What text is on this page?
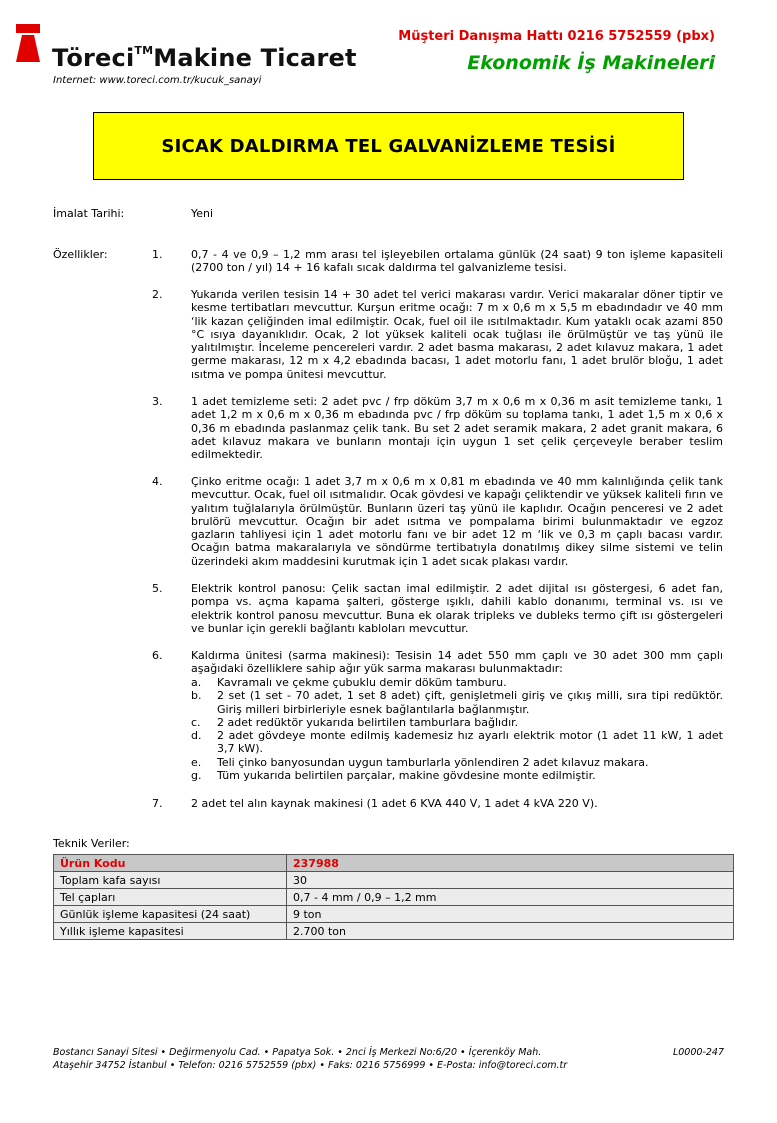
Töreci™Makine Ticaret
Internet: www.toreci.com.tr/kucuk_sanayi
Müşteri Danışma Hattı 0216 5752559 (pbx)
Ekonomik İş Makineleri
SICAK DALDIRMA TEL GALVANİZLEME TESİSİ
İmalat Tarihi:	Yeni
Özellikler:	1.	0,7 - 4 ve 0,9 – 1,2 mm arası tel işleyebilen ortalama günlük (24 saat) 9 ton işleme kapasiteli (2700 ton / yıl) 14 + 16 kafalı sıcak daldırma tel galvanizleme tesisi.
2.	Yukarıda verilen tesisin 14 + 30 adet tel verici makarası vardır. Verici makaralar döner tiptir ve kesme tertibatları mevcuttur. Kurşun eritme ocağı: 7 m x 0,6 m x 5,5 m ebadındadır ve 40 mm ‘lik kazan çeliğinden imal edilmiştir. Ocak, fuel oil ile ısıtılmaktadır. Kum yataklı ocak azami 850 °C ısıya dayanıklıdır. Ocak, 2 lot yüksek kaliteli ocak tuğlası ile örülmüştür ve taş yünü ile yalıtılmıştır. İnceleme pencereleri vardır. 2 adet basma makarası, 2 adet kılavuz makara, 1 adet germe makarası, 12 m x 4,2 ebadında bacası, 1 adet motorlu fanı, 1 adet brulör bloğu, 1 adet ısıtma ve pompa ünitesi mevcuttur.
3.	1 adet temizleme seti: 2 adet pvc / frp döküm 3,7 m x 0,6 m x 0,36 m asit temizleme tankı, 1 adet 1,2 m x 0,6 m x 0,36 m ebadında pvc / frp döküm su toplama tankı, 1 adet 1,5 m x 0,6 x 0,36 m ebadında paslanmaz çelik tank. Bu set 2 adet seramik makara, 2 adet granit makara, 6 adet kılavuz makara ve bunların montajı için uygun 1 set çelik çerçeveyle beraber teslim edilmektedir.
4.	Çinko eritme ocağı: 1 adet 3,7 m x 0,6 m x 0,81 m ebadında ve 40 mm kalınlığında çelik tank mevcuttur. Ocak, fuel oil ısıtmalıdır. Ocak gövdesi ve kapağı çeliktendir ve yüksek kaliteli fırın ve yalıtım tuğlalarıyla örülmüştür. Bunların üzeri taş yünü ile kaplıdır. Ocağın penceresi ve 2 adet brulörü mevcuttur. Ocağın bir adet ısıtma ve pompalama birimi bulunmaktadır ve egzoz gazların tahliyesi için 1 adet motorlu fanı ve bir adet 12 m ‘lik ve 0,3 m çaplı bacası vardır. Ocağın batma makaralarıyla ve söndürme tertibatıyla donatılmış dikey silme sistemi ve telin üzerindeki akım maddesini kurutmak için 1 adet sıcak plakası vardır.
5.	Elektrik kontrol panosu: Çelik sactan imal edilmiştir. 2 adet dijital ısı göstergesi, 6 adet fan, pompa vs. açma kapama şalteri, gösterge ışıklı, dahili kablo donanımı, terminal vs. ısı ve elektrik kontrol panosu mevcuttur. Buna ek olarak tripleks ve dubleks termo çift ısı göstergeleri ve bunlar için gerekli bağlantı kabloları mevcuttur.
6.	Kaldırma ünitesi (sarma makinesi): Tesisin 14 adet 550 mm çaplı ve 30 adet 300 mm çaplı aşağıdaki özelliklere sahip ağır yük sarma makarası bulunmaktadır:
a.	Kavramalı ve çekme çubuklu demir döküm tamburu.
b.	2 set (1 set - 70 adet, 1 set 8 adet) çift, genişletmeli giriş ve çıkış milli, sıra tipi redüktör. Giriş milleri birbirleriyle esnek bağlantılarla bağlanmıştır.
c.	2 adet redüktör yukarıda belirtilen tamburlara bağlıdır.
d.	2 adet gövdeye monte edilmiş kademesiz hız ayarlı elektrik motor (1 adet 11 kW, 1 adet 3,7 kW).
e.	Teli çinko banyosundan uygun tamburlarla yönlendiren 2 adet kılavuz makara.
g.	Tüm yukarıda belirtilen parçalar, makine gövdesine monte edilmiştir.
7.	2 adet tel alın kaynak makinesi (1 adet 6 KVA 440 V, 1 adet 4 kVA 220 V).
Teknik Veriler:
Ürün Kodu	237988
Toplam kafa sayısı	30
Tel çapları	0,7 - 4 mm / 0,9 – 1,2 mm
Günlük işleme kapasitesi (24 saat)	9 ton
Yıllık işleme kapasitesi	2.700 ton
Bostancı Sanayi Sitesi • Değirmenyolu Cad. • Papatya Sok. • 2nci İş Merkezi No:6/20 • İçerenköy Mah.
Ataşehir 34752 İstanbul • Telefon: 0216 5752559 (pbx) • Faks: 0216 5756999 • E-Posta: info@toreci.com.tr
L0000-247
